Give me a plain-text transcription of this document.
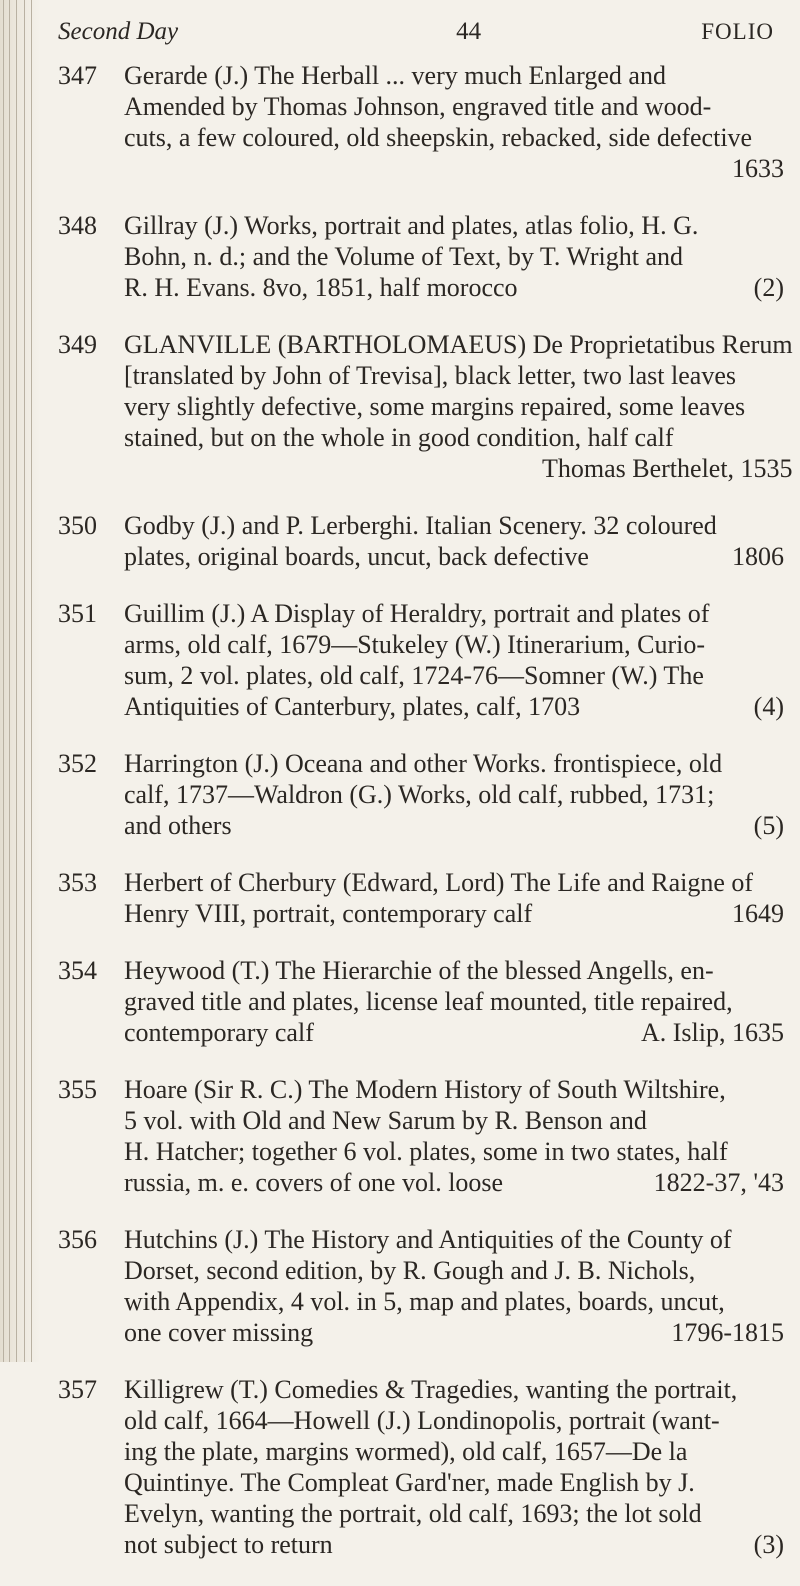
Second Day	44	FOLIO
347	Gerarde (J.) The Herball ... very much Enlarged and
Amended by Thomas Johnson, engraved title and wood-
cuts, a few coloured, old sheepskin, rebacked, side defective
1633
348	Gillray (J.) Works, portrait and plates, atlas folio, H. G.
Bohn, n. d.; and the Volume of Text, by T. Wright and
R. H. Evans. 8vo, 1851, half morocco	(2)
349	GLANVILLE (BARTHOLOMAEUS) De Proprietatibus Rerum
[translated by John of Trevisa], black letter, two last leaves
very slightly defective, some margins repaired, some leaves
stained, but on the whole in good condition, half calf
Thomas Berthelet, 1535
350	Godby (J.) and P. Lerberghi. Italian Scenery. 32 coloured
plates, original boards, uncut, back defective	1806
351	Guillim (J.) A Display of Heraldry, portrait and plates of
arms, old calf, 1679—Stukeley (W.) Itinerarium, Curio-
sum, 2 vol. plates, old calf, 1724-76—Somner (W.) The
Antiquities of Canterbury, plates, calf, 1703	(4)
352	Harrington (J.) Oceana and other Works. frontispiece, old
calf, 1737—Waldron (G.) Works, old calf, rubbed, 1731;
and others	(5)
353	Herbert of Cherbury (Edward, Lord) The Life and Raigne of
Henry VIII, portrait, contemporary calf	1649
354	Heywood (T.) The Hierarchie of the blessed Angells, en-
graved title and plates, license leaf mounted, title repaired,
contemporary calf	A. Islip, 1635
355	Hoare (Sir R. C.) The Modern History of South Wiltshire,
5 vol. with Old and New Sarum by R. Benson and
H. Hatcher; together 6 vol. plates, some in two states, half
russia, m. e. covers of one vol. loose	1822-37, '43
356	Hutchins (J.) The History and Antiquities of the County of
Dorset, second edition, by R. Gough and J. B. Nichols,
with Appendix, 4 vol. in 5, map and plates, boards, uncut,
one cover missing	1796-1815
357	Killigrew (T.) Comedies & Tragedies, wanting the portrait,
old calf, 1664—Howell (J.) Londinopolis, portrait (want-
ing the plate, margins wormed), old calf, 1657—De la
Quintinye. The Compleat Gard'ner, made English by J.
Evelyn, wanting the portrait, old calf, 1693; the lot sold
not subject to return	(3)
